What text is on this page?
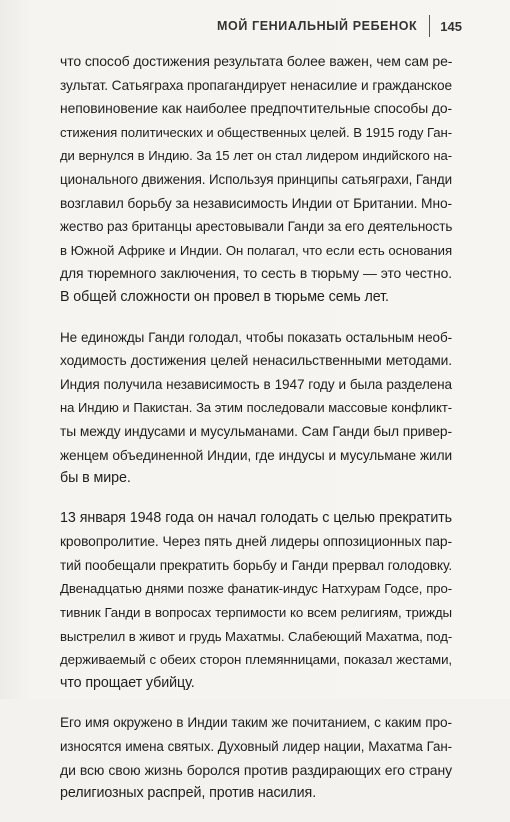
МОЙ ГЕНИАЛЬНЫЙ РЕБЕНОК 145
что способ достижения результата более важен, чем сам ре-
зультат. Сатьяграха пропагандирует ненасилие и гражданское
неповиновение как наиболее предпочтительные способы до-
стижения политических и общественных целей. В 1915 году Ган-
ди вернулся в Индию. За 15 лет он стал лидером индийского на-
ционального движения. Используя принципы сатьяграхи, Ганди
возглавил борьбу за независимость Индии от Британии. Мно-
жество раз британцы арестовывали Ганди за его деятельность
в Южной Африке и Индии. Он полагал, что если есть основания
для тюремного заключения, то сесть в тюрьму — это честно.
В общей сложности он провел в тюрьме семь лет.
Не единожды Ганди голодал, чтобы показать остальным необ-
ходимость достижения целей ненасильственными методами.
Индия получила независимость в 1947 году и была разделена
на Индию и Пакистан. За этим последовали массовые конфликт-
ты между индусами и мусульманами. Сам Ганди был привер-
женцем объединенной Индии, где индусы и мусульмане жили
бы в мире.
13 января 1948 года он начал голодать с целью прекратить
кровопролитие. Через пять дней лидеры оппозиционных пар-
тий пообещали прекратить борьбу и Ганди прервал голодовку.
Двенадцатью днями позже фанатик-индус Натхурам Годсе, про-
тивник Ганди в вопросах терпимости ко всем религиям, трижды
выстрелил в живот и грудь Махатмы. Слабеющий Махатма, под-
держиваемый с обеих сторон племянницами, показал жестами,
что прощает убийцу.
Его имя окружено в Индии таким же почитанием, с каким про-
износятся имена святых. Духовный лидер нации, Махатма Ган-
ди всю свою жизнь боролся против раздирающих его страну
религиозных распрей, против насилия.
